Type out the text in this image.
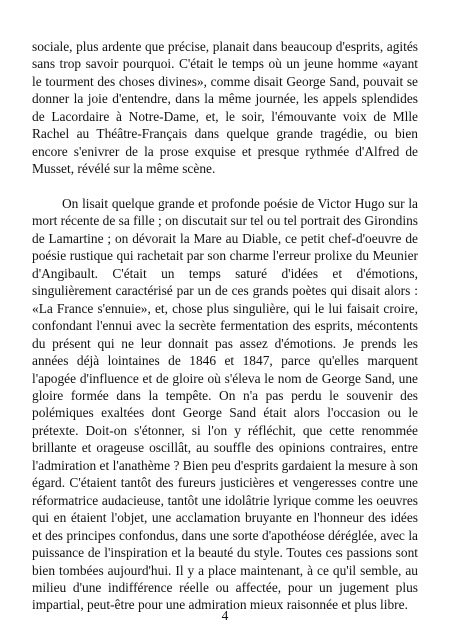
sociale, plus ardente que précise, planait dans beaucoup d'esprits, agités sans trop savoir pourquoi. C'était le temps où un jeune homme «ayant le tourment des choses divines», comme disait George Sand, pouvait se donner la joie d'entendre, dans la même journée, les appels splendides de Lacordaire à Notre-Dame, et, le soir, l'émouvante voix de Mlle Rachel au Théâtre-Français dans quelque grande tragédie, ou bien encore s'enivrer de la prose exquise et presque rythmée d'Alfred de Musset, révélé sur la même scène.

On lisait quelque grande et profonde poésie de Victor Hugo sur la mort récente de sa fille ; on discutait sur tel ou tel portrait des Girondins de Lamartine ; on dévorait la Mare au Diable, ce petit chef-d'oeuvre de poésie rustique qui rachetait par son charme l'erreur prolixe du Meunier d'Angibault. C'était un temps saturé d'idées et d'émotions, singulièrement caractérisé par un de ces grands poètes qui disait alors : «La France s'ennuie», et, chose plus singulière, qui le lui faisait croire, confondant l'ennui avec la secrète fermentation des esprits, mécontents du présent qui ne leur donnait pas assez d'émotions. Je prends les années déjà lointaines de 1846 et 1847, parce qu'elles marquent l'apogée d'influence et de gloire où s'éleva le nom de George Sand, une gloire formée dans la tempête. On n'a pas perdu le souvenir des polémiques exaltées dont George Sand était alors l'occasion ou le prétexte. Doit-on s'étonner, si l'on y réfléchit, que cette renommée brillante et orageuse oscillât, au souffle des opinions contraires, entre l'admiration et l'anathème ? Bien peu d'esprits gardaient la mesure à son égard. C'étaient tantôt des fureurs justicières et vengeresses contre une réformatrice audacieuse, tantôt une idolâtrie lyrique comme les oeuvres qui en étaient l'objet, une acclamation bruyante en l'honneur des idées et des principes confondus, dans une sorte d'apothéose déréglée, avec la puissance de l'inspiration et la beauté du style. Toutes ces passions sont bien tombées aujourd'hui. Il y a place maintenant, à ce qu'il semble, au milieu d'une indifférence réelle ou affectée, pour un jugement plus impartial, peut-être pour une admiration mieux raisonnée et plus libre.

4
